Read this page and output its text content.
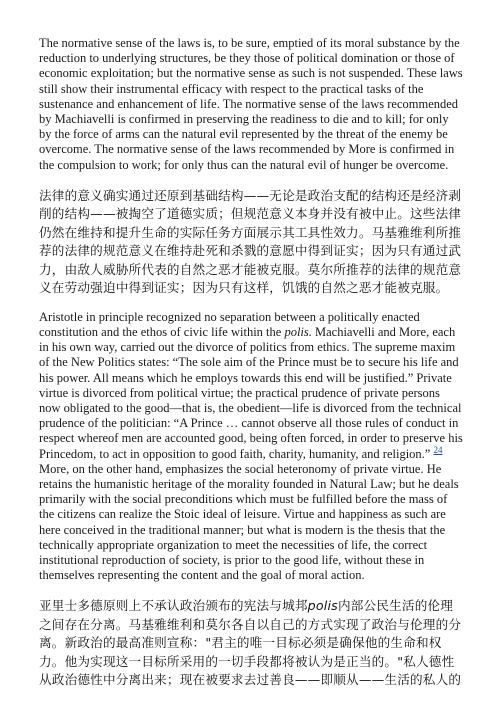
The normative sense of the laws is, to be sure, emptied of its moral substance by the reduction to underlying structures, be they those of political domination or those of economic exploitation; but the normative sense as such is not suspended. These laws still show their instrumental efficacy with respect to the practical tasks of the sustenance and enhancement of life. The normative sense of the laws recommended by Machiavelli is confirmed in preserving the readiness to die and to kill; for only by the force of arms can the natural evil represented by the threat of the enemy be overcome. The normative sense of the laws recommended by More is confirmed in the compulsion to work; for only thus can the natural evil of hunger be overcome.

法律的意义确实通过还原到基础结构——无论是政治支配的结构还是经济剥削的结构——被掏空了道德实质；但规范意义本身并没有被中止。这些法律仍然在维持和提升生命的实际任务方面展示其工具性效力。马基雅维利所推荐的法律的规范意义在维持赴死和杀戮的意愿中得到证实；因为只有通过武力，由敌人威胁所代表的自然之恶才能被克服。莫尔所推荐的法律的规范意义在劳动强迫中得到证实；因为只有这样，饥饿的自然之恶才能被克服。

Aristotle in principle recognized no separation between a politically enacted constitution and the ethos of civic life within the polis. Machiavelli and More, each in his own way, carried out the divorce of politics from ethics. The supreme maxim of the New Politics states: “The sole aim of the Prince must be to secure his life and his power. All means which he employs towards this end will be justified.” Private virtue is divorced from political virtue; the practical prudence of private persons now obligated to the good—that is, the obedient—life is divorced from the technical prudence of the politician: “A Prince … cannot observe all those rules of conduct in respect whereof men are accounted good, being often forced, in order to preserve his Princedom, to act in opposition to good faith, charity, humanity, and religion.” $^{24}$ More, on the other hand, emphasizes the social heteronomy of private virtue. He retains the humanistic heritage of the morality founded in Natural Law; but he deals primarily with the social preconditions which must be fulfilled before the mass of the citizens can realize the Stoic ideal of leisure. Virtue and happiness as such are here conceived in the traditional manner; but what is modern is the thesis that the technically appropriate organization to meet the necessities of life, the correct institutional reproduction of society, is prior to the good life, without these in themselves representing the content and the goal of moral action.

亚里士多德原则上不承认政治颁布的宪法与城邦polis内部公民生活的伦理之间存在分离。马基雅维利和莫尔各自以自己的方式实现了政治与伦理的分离。新政治的最高准则宣称："君主的唯一目标必须是确保他的生命和权力。他为实现这一目标所采用的一切手段都将被认为是正当的。"私人德性从政治德性中分离出来；现在被要求去过善良——即顺从——生活的私人的
